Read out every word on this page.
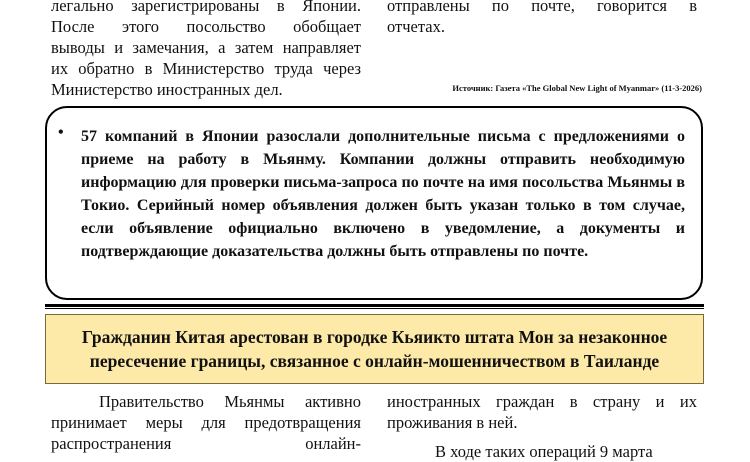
легально зарегистрированы в Японии.

После этого посольство обобщает

выводы и замечания, а затем направляет

их обратно в Министерство труда через

Министерство иностранных дел.

отправлены по почте, говорится в

отчетах.

Источник: Газета «The Global New Light of Myanmar» (11-3-2026)
• 57 компаний в Японии разослали дополнительные письма с предложениями о приеме на работу в Мьянму. Компании должны отправить необходимую информацию для проверки письма-запроса по почте на имя посольства Мьянмы в Токио. Серийный номер объявления должен быть указан только в том случае, если объявление официально включено в уведомление, а документы и подтверждающие доказательства должны быть отправлены по почте.

Гражданин Китая арестован в городке Кьяикто штата Мон за незаконное
пересечение границы, связанное с онлайн-мошенничеством в Таиланде

Правительство Мьянмы активно

принимает меры для предотвращения

распространения онлайн-

иностранных граждан в страну и их проживания в ней.

В ходе таких операций 9 марта
